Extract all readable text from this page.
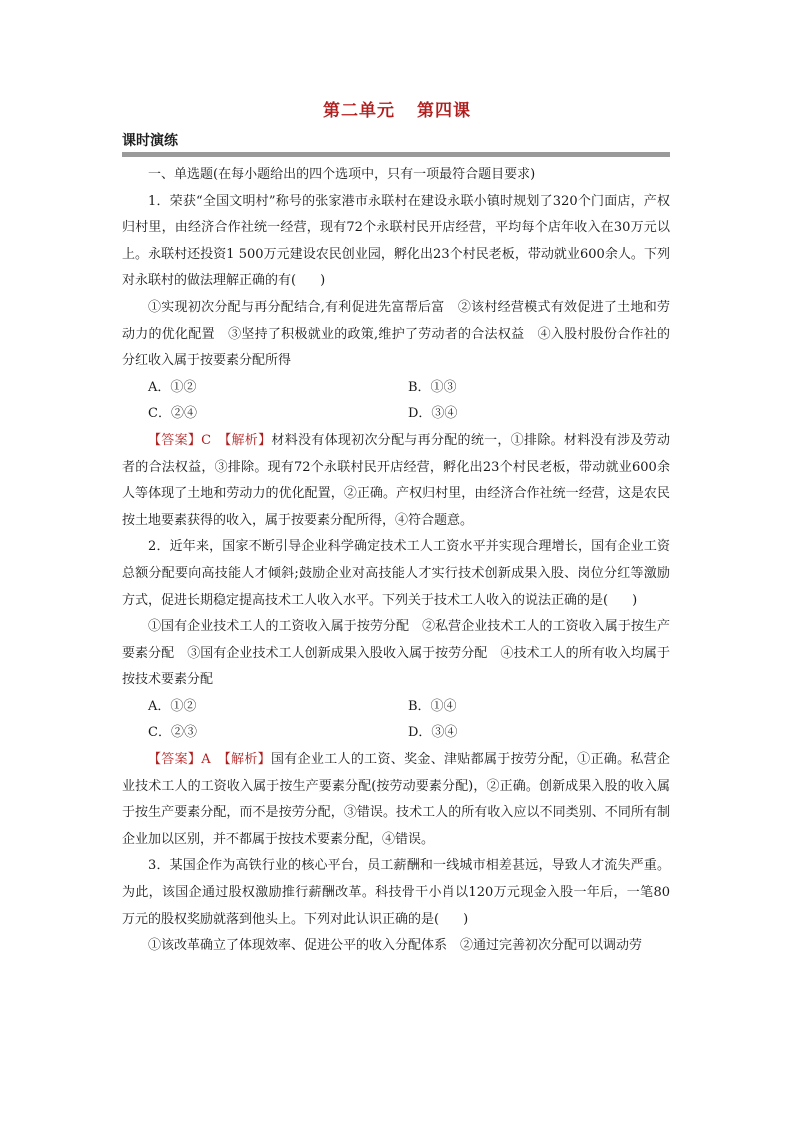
第二单元 第四课
课时演练

一、单选题(在每小题给出的四个选项中，只有一项最符合题目要求)

1．荣获“全国文明村”称号的张家港市永联村在建设永联小镇时规划了320个门面店，产权归村里，由经济合作社统一经营，现有72个永联村民开店经营，平均每个店年收入在30万元以上。永联村还投资1 500万元建设农民创业园，孵化出23个村民老板，带动就业600余人。下列对永联村的做法理解正确的有( )

①实现初次分配与再分配结合,有利促进先富帮后富　②该村经营模式有效促进了土地和劳动力的优化配置　③坚持了积极就业的政策,维护了劳动者的合法权益　④入股村股份合作社的分红收入属于按要素分配所得

A．①②	B．①③
C．②④	D．③④

【答案】C　【解析】材料没有体现初次分配与再分配的统一，①排除。材料没有涉及劳动者的合法权益，③排除。现有72个永联村民开店经营，孵化出23个村民老板，带动就业600余人等体现了土地和劳动力的优化配置，②正确。产权归村里，由经济合作社统一经营，这是农民按土地要素获得的收入，属于按要素分配所得，④符合题意。

2．近年来，国家不断引导企业科学确定技术工人工资水平并实现合理增长，国有企业工资总额分配要向高技能人才倾斜;鼓励企业对高技能人才实行技术创新成果入股、岗位分红等激励方式，促进长期稳定提高技术工人收入水平。下列关于技术工人收入的说法正确的是( )

①国有企业技术工人的工资收入属于按劳分配　②私营企业技术工人的工资收入属于按生产要素分配　③国有企业技术工人创新成果入股收入属于按劳分配　④技术工人的所有收入均属于按技术要素分配

A．①②	B．①④
C．②③	D．③④

【答案】A　【解析】国有企业工人的工资、奖金、津贴都属于按劳分配，①正确。私营企业技术工人的工资收入属于按生产要素分配(按劳动要素分配)，②正确。创新成果入股的收入属于按生产要素分配，而不是按劳分配，③错误。技术工人的所有收入应以不同类别、不同所有制企业加以区别，并不都属于按技术要素分配，④错误。

3．某国企作为高铁行业的核心平台，员工薪酬和一线城市相差甚远，导致人才流失严重。为此，该国企通过股权激励推行薪酬改革。科技骨干小肖以120万元现金入股一年后，一笔80万元的股权奖励就落到他头上。下列对此认识正确的是( )

①该改革确立了体现效率、促进公平的收入分配体系　②通过完善初次分配可以调动劳
